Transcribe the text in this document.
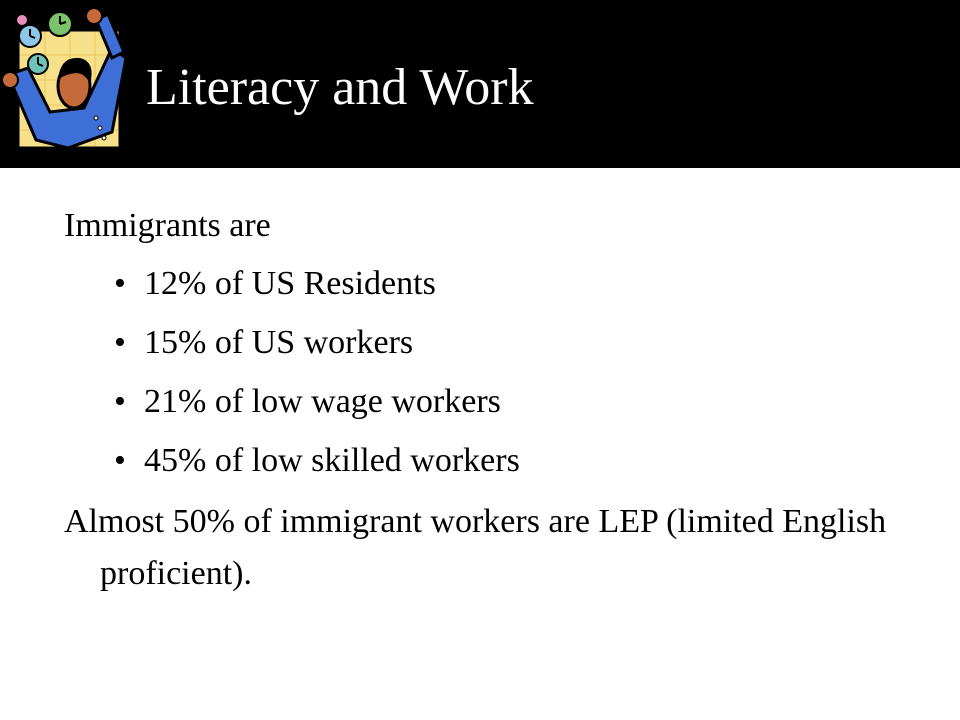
Literacy and Work

Immigrants are

• 12% of US Residents
• 15% of US workers
• 21% of low wage workers
• 45% of low skilled workers

Almost 50% of immigrant workers are LEP (limited English proficient).
